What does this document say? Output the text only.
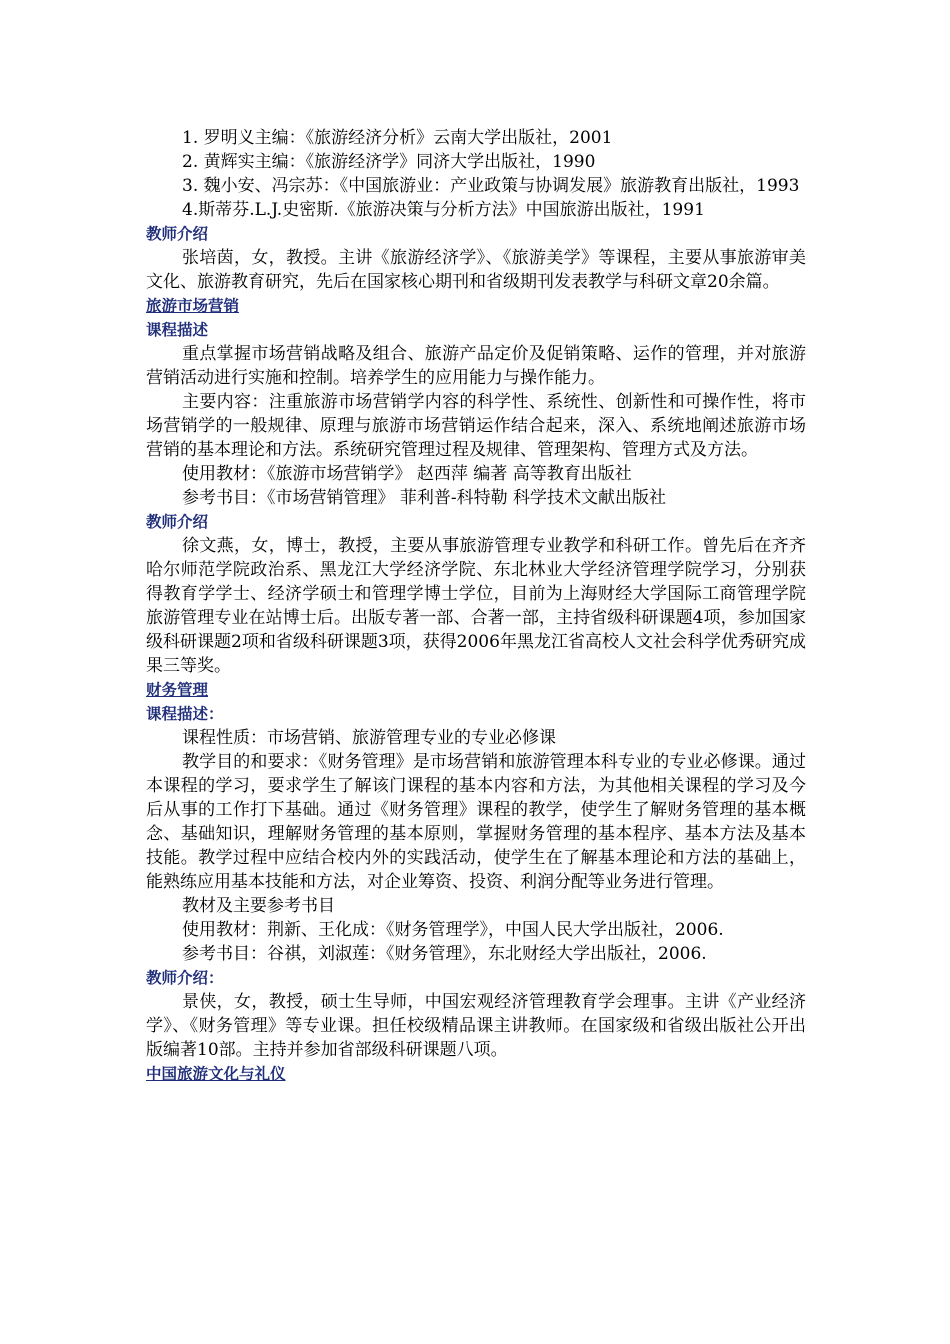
1. 罗明义主编：《旅游经济分析》云南大学出版社，2001

2. 黄辉实主编：《旅游经济学》同济大学出版社，1990

3. 魏小安、冯宗苏：《中国旅游业：产业政策与协调发展》旅游教育出版社，1993

4.斯蒂芬.L.J.史密斯.《旅游决策与分析方法》中国旅游出版社，1991

教师介绍

张培茵，女，教授。主讲《旅游经济学》、《旅游美学》等课程，主要从事旅游审美文化、旅游教育研究，先后在国家核心期刊和省级期刊发表教学与科研文章20余篇。

旅游市场营销

课程描述

重点掌握市场营销战略及组合、旅游产品定价及促销策略、运作的管理，并对旅游营销活动进行实施和控制。培养学生的应用能力与操作能力。

主要内容：注重旅游市场营销学内容的科学性、系统性、创新性和可操作性，将市场营销学的一般规律、原理与旅游市场营销运作结合起来，深入、系统地阐述旅游市场营销的基本理论和方法。系统研究管理过程及规律、管理架构、管理方式及方法。

使用教材：《旅游市场营销学》 赵西萍 编著 高等教育出版社

参考书目：《市场营销管理》 菲利普-科特勒 科学技术文献出版社

教师介绍

徐文燕，女，博士，教授，主要从事旅游管理专业教学和科研工作。曾先后在齐齐哈尔师范学院政治系、黑龙江大学经济学院、东北林业大学经济管理学院学习，分别获得教育学学士、经济学硕士和管理学博士学位，目前为上海财经大学国际工商管理学院旅游管理专业在站博士后。出版专著一部、合著一部，主持省级科研课题4项，参加国家级科研课题2项和省级科研课题3项，获得2006年黑龙江省高校人文社会科学优秀研究成果三等奖。

财务管理

课程描述：

课程性质：市场营销、旅游管理专业的专业必修课

教学目的和要求：《财务管理》是市场营销和旅游管理本科专业的专业必修课。通过本课程的学习，要求学生了解该门课程的基本内容和方法，为其他相关课程的学习及今后从事的工作打下基础。通过《财务管理》课程的教学，使学生了解财务管理的基本概念、基础知识，理解财务管理的基本原则，掌握财务管理的基本程序、基本方法及基本技能。教学过程中应结合校内外的实践活动，使学生在了解基本理论和方法的基础上，能熟练应用基本技能和方法，对企业筹资、投资、利润分配等业务进行管理。

教材及主要参考书目

使用教材：荆新、王化成：《财务管理学》，中国人民大学出版社，2006.

参考书目：谷祺，刘淑莲：《财务管理》，东北财经大学出版社，2006.

教师介绍：

景侠，女，教授，硕士生导师，中国宏观经济管理教育学会理事。主讲《产业经济学》、《财务管理》等专业课。担任校级精品课主讲教师。在国家级和省级出版社公开出版编著10部。主持并参加省部级科研课题八项。

中国旅游文化与礼仪
